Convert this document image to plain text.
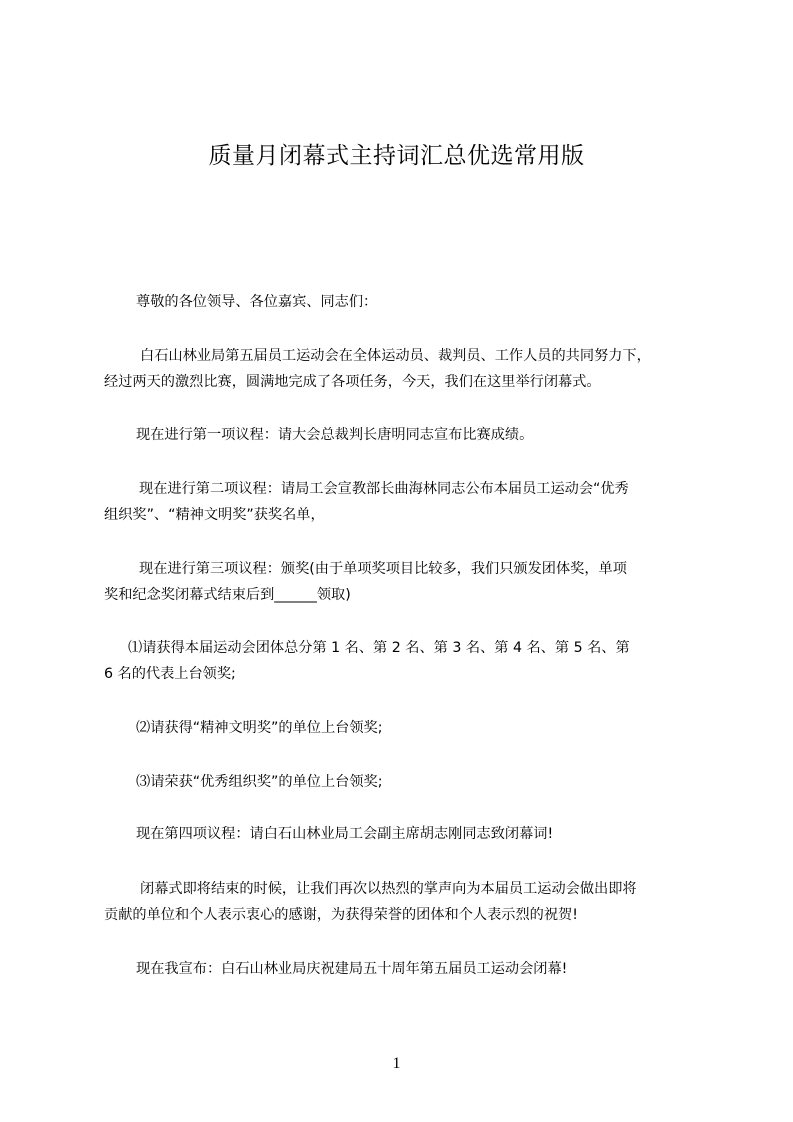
质量月闭幕式主持词汇总优选常用版
尊敬的各位领导、各位嘉宾、同志们：
白石山林业局第五届员工运动会在全体运动员、裁判员、工作人员的共同努力下，
经过两天的激烈比赛，圆满地完成了各项任务，今天，我们在这里举行闭幕式。
现在进行第一项议程：请大会总裁判长唐明同志宣布比赛成绩。
现在进行第二项议程：请局工会宣教部长曲海林同志公布本届员工运动会“优秀
组织奖”、“精神文明奖”获奖名单，
现在进行第三项议程：颁奖(由于单项奖项目比较多，我们只颁发团体奖，单项
奖和纪念奖闭幕式结束后到______领取)
⑴请获得本届运动会团体总分第 1 名、第 2 名、第 3 名、第 4 名、第 5 名、第
6 名的代表上台领奖;
⑵请获得“精神文明奖”的单位上台领奖;
⑶请荣获“优秀组织奖”的单位上台领奖;
现在第四项议程：请白石山林业局工会副主席胡志刚同志致闭幕词!
闭幕式即将结束的时候，让我们再次以热烈的掌声向为本届员工运动会做出即将
贡献的单位和个人表示衷心的感谢，为获得荣誉的团体和个人表示烈的祝贺!
现在我宣布：白石山林业局庆祝建局五十周年第五届员工运动会闭幕!
1
